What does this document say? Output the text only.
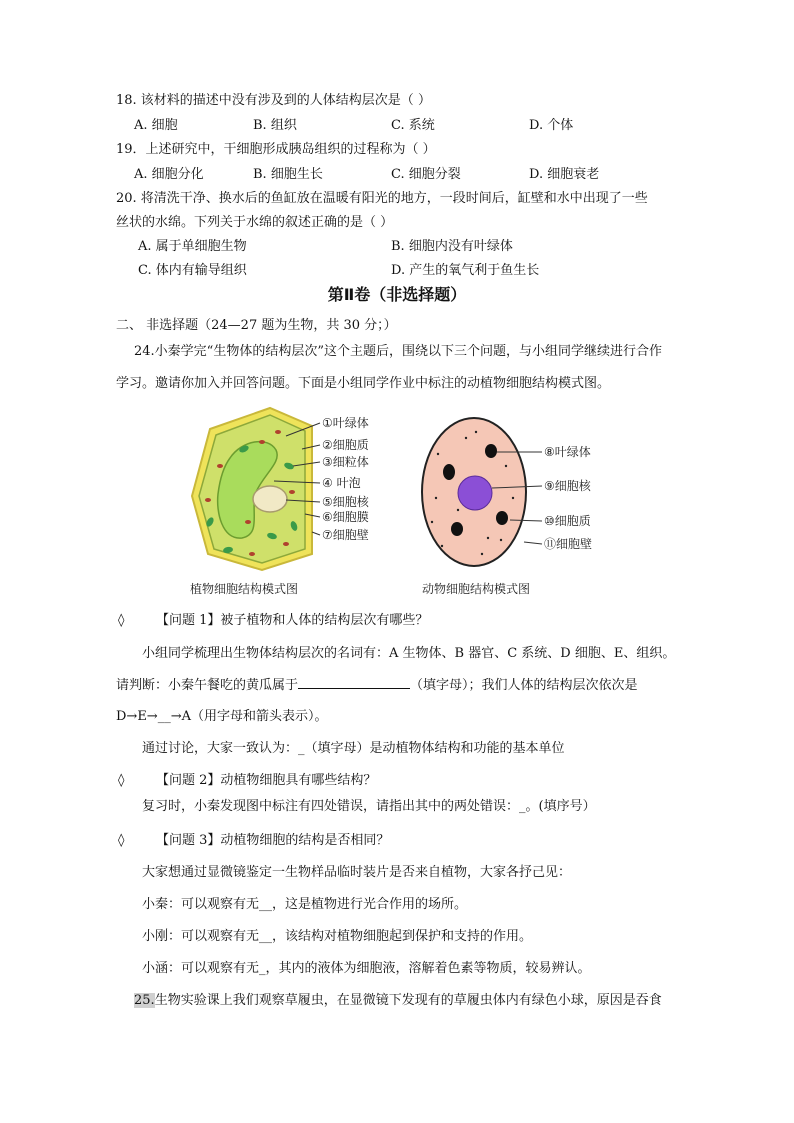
18. 该材料的描述中没有涉及到的人体结构层次是（ ）
A. 细胞	B. 组织	C. 系统	D. 个体
19．上述研究中，干细胞形成胰岛组织的过程称为（ ）
A. 细胞分化	B. 细胞生长	C. 细胞分裂	D. 细胞衰老
20. 将清洗干净、换水后的鱼缸放在温暖有阳光的地方，一段时间后，缸壁和水中出现了一些
丝状的水绵。下列关于水绵的叙述正确的是（ ）
A. 属于单细胞生物	B. 细胞内没有叶绿体
C. 体内有输导组织	D. 产生的氧气利于鱼生长
第Ⅱ卷（非选择题）
二、 非选择题（24—27 题为生物，共 30 分；）
24.小秦学完“生物体的结构层次”这个主题后，围绕以下三个问题，与小组同学继续进行合作
学习。邀请你加入并回答问题。下面是小组同学作业中标注的动植物细胞结构模式图。
①叶绿体
②细胞质
③细粒体
④ 叶泡
⑤细胞核
⑥细胞膜
⑦细胞壁
植物细胞结构模式图
⑧叶绿体
⑨细胞核
⑩细胞质
⑪细胞壁
动物细胞结构模式图
◊ 【问题 1】被子植物和人体的结构层次有哪些？
小组同学梳理出生物体结构层次的名词有：A 生物体、B 器官、C 系统、D 细胞、E、组织。
请判断：小秦午餐吃的黄瓜属于	（填字母）；我们人体的结构层次依次是
D→E→__→A（用字母和箭头表示）。
通过讨论，大家一致认为：_（填字母）是动植物体结构和功能的基本单位
◊ 【问题 2】动植物细胞具有哪些结构？
复习时，小秦发现图中标注有四处错误，请指出其中的两处错误：_。(填序号）
◊ 【问题 3】动植物细胞的结构是否相同？
大家想通过显微镜鉴定一生物样品临时装片是否来自植物，大家各抒己见：
小秦：可以观察有无__，这是植物进行光合作用的场所。
小刚：可以观察有无__，该结构对植物细胞起到保护和支持的作用。
小涵：可以观察有无_，其内的液体为细胞液，溶解着色素等物质，较易辨认。
25.生物实验课上我们观察草履虫，在显微镜下发现有的草履虫体内有绿色小球，原因是吞食
